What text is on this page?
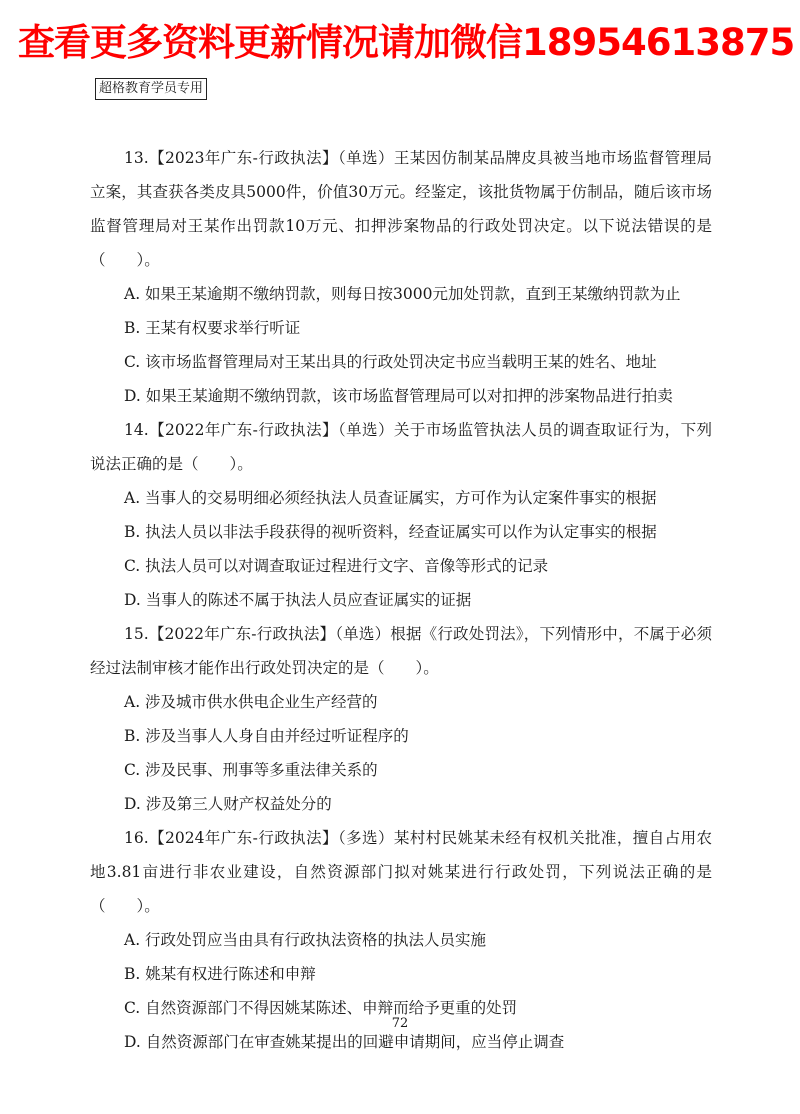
查看更多资料更新情况请加微信18954613875
超格教育学员专用

13.【2023年广东-行政执法】（单选）王某因仿制某品牌皮具被当地市场监督管理局立案，其查获各类皮具5000件，价值30万元。经鉴定，该批货物属于仿制品，随后该市场监督管理局对王某作出罚款10万元、扣押涉案物品的行政处罚决定。以下说法错误的是（　　）。

A. 如果王某逾期不缴纳罚款，则每日按3000元加处罚款，直到王某缴纳罚款为止

B. 王某有权要求举行听证

C. 该市场监督管理局对王某出具的行政处罚决定书应当载明王某的姓名、地址

D. 如果王某逾期不缴纳罚款，该市场监督管理局可以对扣押的涉案物品进行拍卖

14.【2022年广东-行政执法】（单选）关于市场监管执法人员的调查取证行为，下列说法正确的是（　　）。

A. 当事人的交易明细必须经执法人员查证属实，方可作为认定案件事实的根据

B. 执法人员以非法手段获得的视听资料，经查证属实可以作为认定事实的根据

C. 执法人员可以对调查取证过程进行文字、音像等形式的记录

D. 当事人的陈述不属于执法人员应查证属实的证据

15.【2022年广东-行政执法】（单选）根据《行政处罚法》，下列情形中，不属于必须经过法制审核才能作出行政处罚决定的是（　　）。

A. 涉及城市供水供电企业生产经营的

B. 涉及当事人人身自由并经过听证程序的

C. 涉及民事、刑事等多重法律关系的

D. 涉及第三人财产权益处分的

16.【2024年广东-行政执法】（多选）某村村民姚某未经有权机关批准，擅自占用农地3.81亩进行非农业建设，自然资源部门拟对姚某进行行政处罚，下列说法正确的是（　　）。

A. 行政处罚应当由具有行政执法资格的执法人员实施

B. 姚某有权进行陈述和申辩

C. 自然资源部门不得因姚某陈述、申辩而给予更重的处罚

D. 自然资源部门在审查姚某提出的回避申请期间，应当停止调查

72
